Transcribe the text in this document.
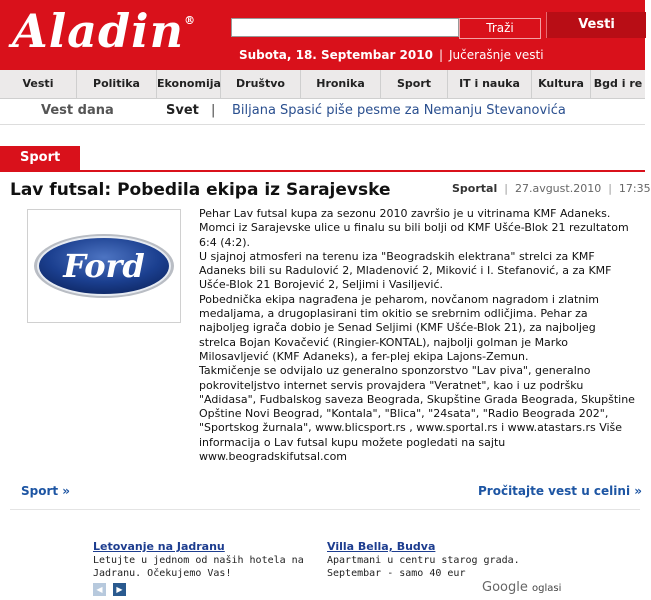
Aladin®
Traži	Vesti
Subota, 18. Septembar 2010 | Jučerašnje vesti
Vesti	Politika	Ekonomija	Društvo	Hronika	Sport	IT i nauka	Kultura Bgd i re
Vest dana	Svet | Biljana Spasić piše pesme za Nemanju Stevanovića
Sport
Lav futsal: Pobedila ekipa iz Sarajevske	Sportal | 27.avgust.2010 | 17:35
Ford
Pehar Lav futsal kupa za sezonu 2010 završio je u vitrinama KMF Adaneks. Momci iz Sarajevske ulice u finalu su bili bolji od KMF Ušće-Blok 21 rezultatom 6:4 (4:2).
U sjajnoj atmosferi na terenu iza "Beogradskih elektrana" strelci za KMF Adaneks bili su Radulović 2, Mladenović 2, Miković i I. Stefanović, a za KMF Ušće-Blok 21 Borojević 2, Seljimi i Vasiljević.
Pobednička ekipa nagrađena je peharom, novčanom nagradom i zlatnim medaljama, a drugoplasirani tim okitio se srebrnim odličjima. Pehar za najboljeg igrača dobio je Senad Seljimi (KMF Ušće-Blok 21), za najboljeg strelca Bojan Kovačević (Ringier-KONTAL), najbolji golman je Marko Milosavljević (KMF Adaneks), a fer-plej ekipa Lajons-Zemun.
Takmičenje se odvijalo uz generalno sponzorstvo "Lav piva", generalno pokroviteljstvo internet servis provajdera "Veratnet", kao i uz podršku "Adidasa", Fudbalskog saveza Beograda, Skupštine Grada Beograda, Skupštine Opštine Novi Beograd, "Kontala", "Blica", "24sata", "Radio Beograda 202", "Sportskog žurnala", www.blicsport.rs , www.sportal.rs i www.atastars.rs Više informacija o Lav futsal kupu možete pogledati na sajtu www.beogradskifutsal.com
Sport »	Pročitajte vest u celini »
Letovanje na Jadranu
Letujte u jednom od naših hotela na
Jadranu. Očekujemo Vas!
Villa Bella, Budva
Apartmani u centru starog grada.
Septembar - samo 40 eur
◀	▶	Google oglasi
